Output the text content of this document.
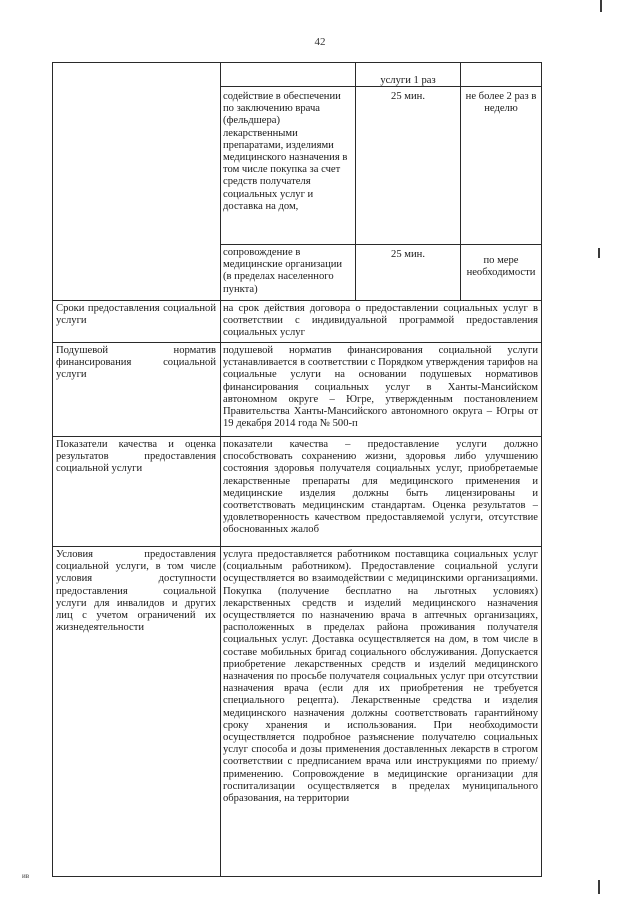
42
услуги 1 раз
содействие в обеспечении по заключению врача (фельдшера) лекарственными препаратами, изделиями медицинского назначения в том числе покупка за счет средств получателя социальных услуг и доставка на дом,
25 мин.	не более 2 раз в неделю
сопровождение в медицинские организации (в пределах населенного пункта)
25 мин.
по мере необходимости
Сроки предоставления социальной услуги
на срок действия договора о предоставлении социальных услуг в соответствии с индивидуальной программой предоставления социальных услуг
Подушевой норматив финансирования социальной услуги
подушевой норматив финансирования социальной услуги устанавливается в соответствии с Порядком утверждения тарифов на социальные услуги на основании подушевых нормативов финансирования социальных услуг в Ханты-Мансийском автономном округе – Югре, утвержденным постановлением Правительства Ханты-Мансийского автономного округа – Югры от 19 декабря 2014 года № 500-п
Показатели качества и оценка результатов предоставления социальной услуги
показатели качества – предоставление услуги должно способствовать сохранению жизни, здоровья либо улучшению состояния здоровья получателя социальных услуг, приобретаемые лекарственные препараты для медицинского применения и медицинские изделия должны быть лицензированы и соответствовать медицинским стандартам. Оценка результатов – удовлетворенность качеством предоставляемой услуги, отсутствие обоснованных жалоб
Условия предоставления социальной услуги, в том числе условия доступности предоставления социальной услуги для инвалидов и других лиц с учетом ограничений их жизнедеятельности
услуга предоставляется работником поставщика социальных услуг (социальным работником). Предоставление социальной услуги осуществляется во взаимодействии с медицинскими организациями. Покупка (получение бесплатно на льготных условиях) лекарственных средств и изделий медицинского назначения осуществляется по назначению врача в аптечных организациях, расположенных в пределах района проживания получателя социальных услуг. Доставка осуществляется на дом, в том числе в составе мобильных бригад социального обслуживания. Допускается приобретение лекарственных средств и изделий медицинского назначения по просьбе получателя социальных услуг при отсутствии назначения врача (если для их приобретения не требуется специального рецепта). Лекарственные средства и изделия медицинского назначения должны соответствовать гарантийному сроку хранения и использования. При необходимости осуществляется подробное разъяснение получателю социальных услуг способа и дозы применения доставленных лекарств в строгом соответствии с предписанием врача или инструкциями по приему/применению. Сопровождение в медицинские организации для госпитализации осуществляется в пределах муниципального образования, на территории
ив
